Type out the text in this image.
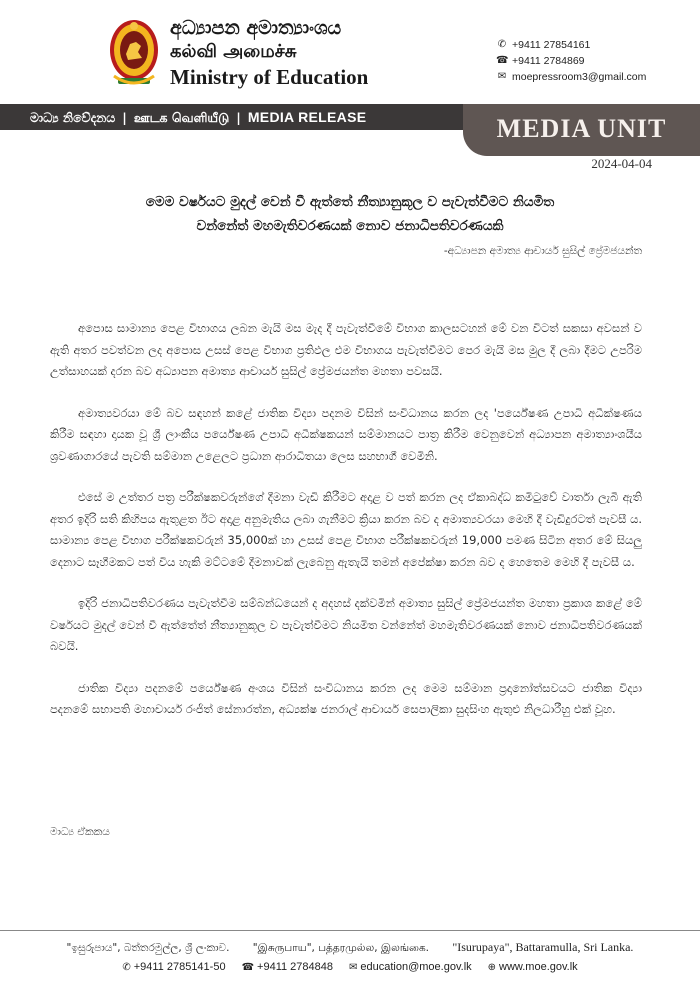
අධ්‍යාපන අමාත්‍යාංශය
கல்வி அமைச்சு
Ministry of Education
✆ +9411 27854161
☎ +9411 2784869
✉ moepressroom3@gmail.com
මාධ්‍ය නිවේදනය | ஊடக வெளியீடு | MEDIA RELEASE	MEDIA UNIT
2024-04-04
මෙම වර්ෂයට මුදල් වෙන් වී ඇත්තේ නීත්‍යානුකූල ව පැවැත්වීමට නියමිත
වන්නේත් මහමැතිවරණයක් නොව ජනාධිපතිවරණයකි
-අධ්‍යාපන අමාත්‍ය ආචාර්ය සුසිල් ප්‍රේමජයන්ත

අපොස සාමාන්‍ය පෙළ විභාගය ලබන මැයි මස මැද දී පැවැත්වීමේ විභාග කාලසටහන් මේ වන විටත් සකසා අවසන් ව ඇති අතර පවත්වන ලද අපොස උසස් පෙළ විභාග ප්‍රතිඵල එම විභාගය පැවැත්වීමට පෙර මැයි මස මුල දී ලබා දීමට උපරිම උත්සාහයක් දරන බව අධ්‍යාපන අමාත්‍ය ආචාර්ය සුසිල් ප්‍රේමජයන්ත මහතා පවසයි.

අමාත්‍යවරයා මේ බව සඳහන් කළේ ජාතික විද්‍යා පදනම විසින් සංවිධානය කරන ලද 'පර්යේෂණ උපාධි අධීක්ෂණය කිරීම සඳහා දායක වූ ශ්‍රී ලාංකීය පර්යේෂණ උපාධි අධීක්ෂකයන් සම්මානයට පාත්‍ර කිරීම වෙනුවෙන් අධ්‍යාපන අමාත්‍යාංශයීය ශ්‍රවණාගාරයේ පැවති සම්මාන උළෙලට ප්‍රධාන ආරාධිතයා ලෙස සහභාගී වෙමිනි.

එසේ ම උත්තර පත්‍ර පරීක්ෂකවරුන්ගේ දීමනා වැඩි කිරීමට අදාළ ව පත් කරන ලද ඒකාබද්ධ කමිටුවේ වාර්තා ලැබී ඇති අතර ඉදිරි සති කිහිපය ඇතුළත ඊට අදාළ අනුමැතිය ලබා ගැනීමට ක්‍රියා කරන බව ද අමාත්‍යවරයා මෙහි දී වැඩිදුරටත් පැවසී ය. සාමාන්‍ය පෙළ විභාග පරීක්ෂකවරුන් 35,000ක් හා උසස් පෙළ විභාග පරීක්ෂකවරුන් 19,000 පමණ සිටින අතර මේ සියලු දෙනාට සෑහීමකට පත් විය හැකි මට්ටමේ දීමනාවක් ලැබෙනු ඇතැයි තමන් අපේක්ෂා කරන බව ද හෙතෙම මෙහි දී පැවසී ය.

ඉදිරි ජනාධිපතිවරණය පැවැත්වීම සම්බන්ධයෙන් ද අදහස් දක්වමින් අමාත්‍ය සුසිල් ප්‍රේමජයන්ත මහතා ප්‍රකාශ කළේ මේ වර්ෂයට මුදල් වෙන් වී ඇත්තේත් නීත්‍යානුකූල ව පැවැත්වීමට නියමිත වන්නේත් මහමැතිවරණයක් නොව ජනාධිපතිවරණයක් බවයි.

ජාතික විද්‍යා පදනමේ පර්යේෂණ අංශය විසින් සංවිධානය කරන ලද මෙම සම්මාන ප්‍රදානෝත්සවයට ජාතික විද්‍යා පදනමේ සභාපති මහාචාර්ය රංජිත් සේනාරත්න, අධ්‍යක්ෂ ජනරාල් ආචාර්ය සෙපාලිකා සුදසිංහ ඇතුළු නිලධාරීහු එක් වූහ.

මාධ්‍ය ඒකකය
"ඉසුරුපාය", බත්තරමුල්ල, ශ්‍රී ලංකාව. "இசுருபாய", பத்தரமுல்ல, இலங்கை. "Isurupaya", Battaramulla, Sri Lanka.
✆ +9411 2785141-50 ☎ +9411 2784848 ✉ education@moe.gov.lk ⊕ www.moe.gov.lk
